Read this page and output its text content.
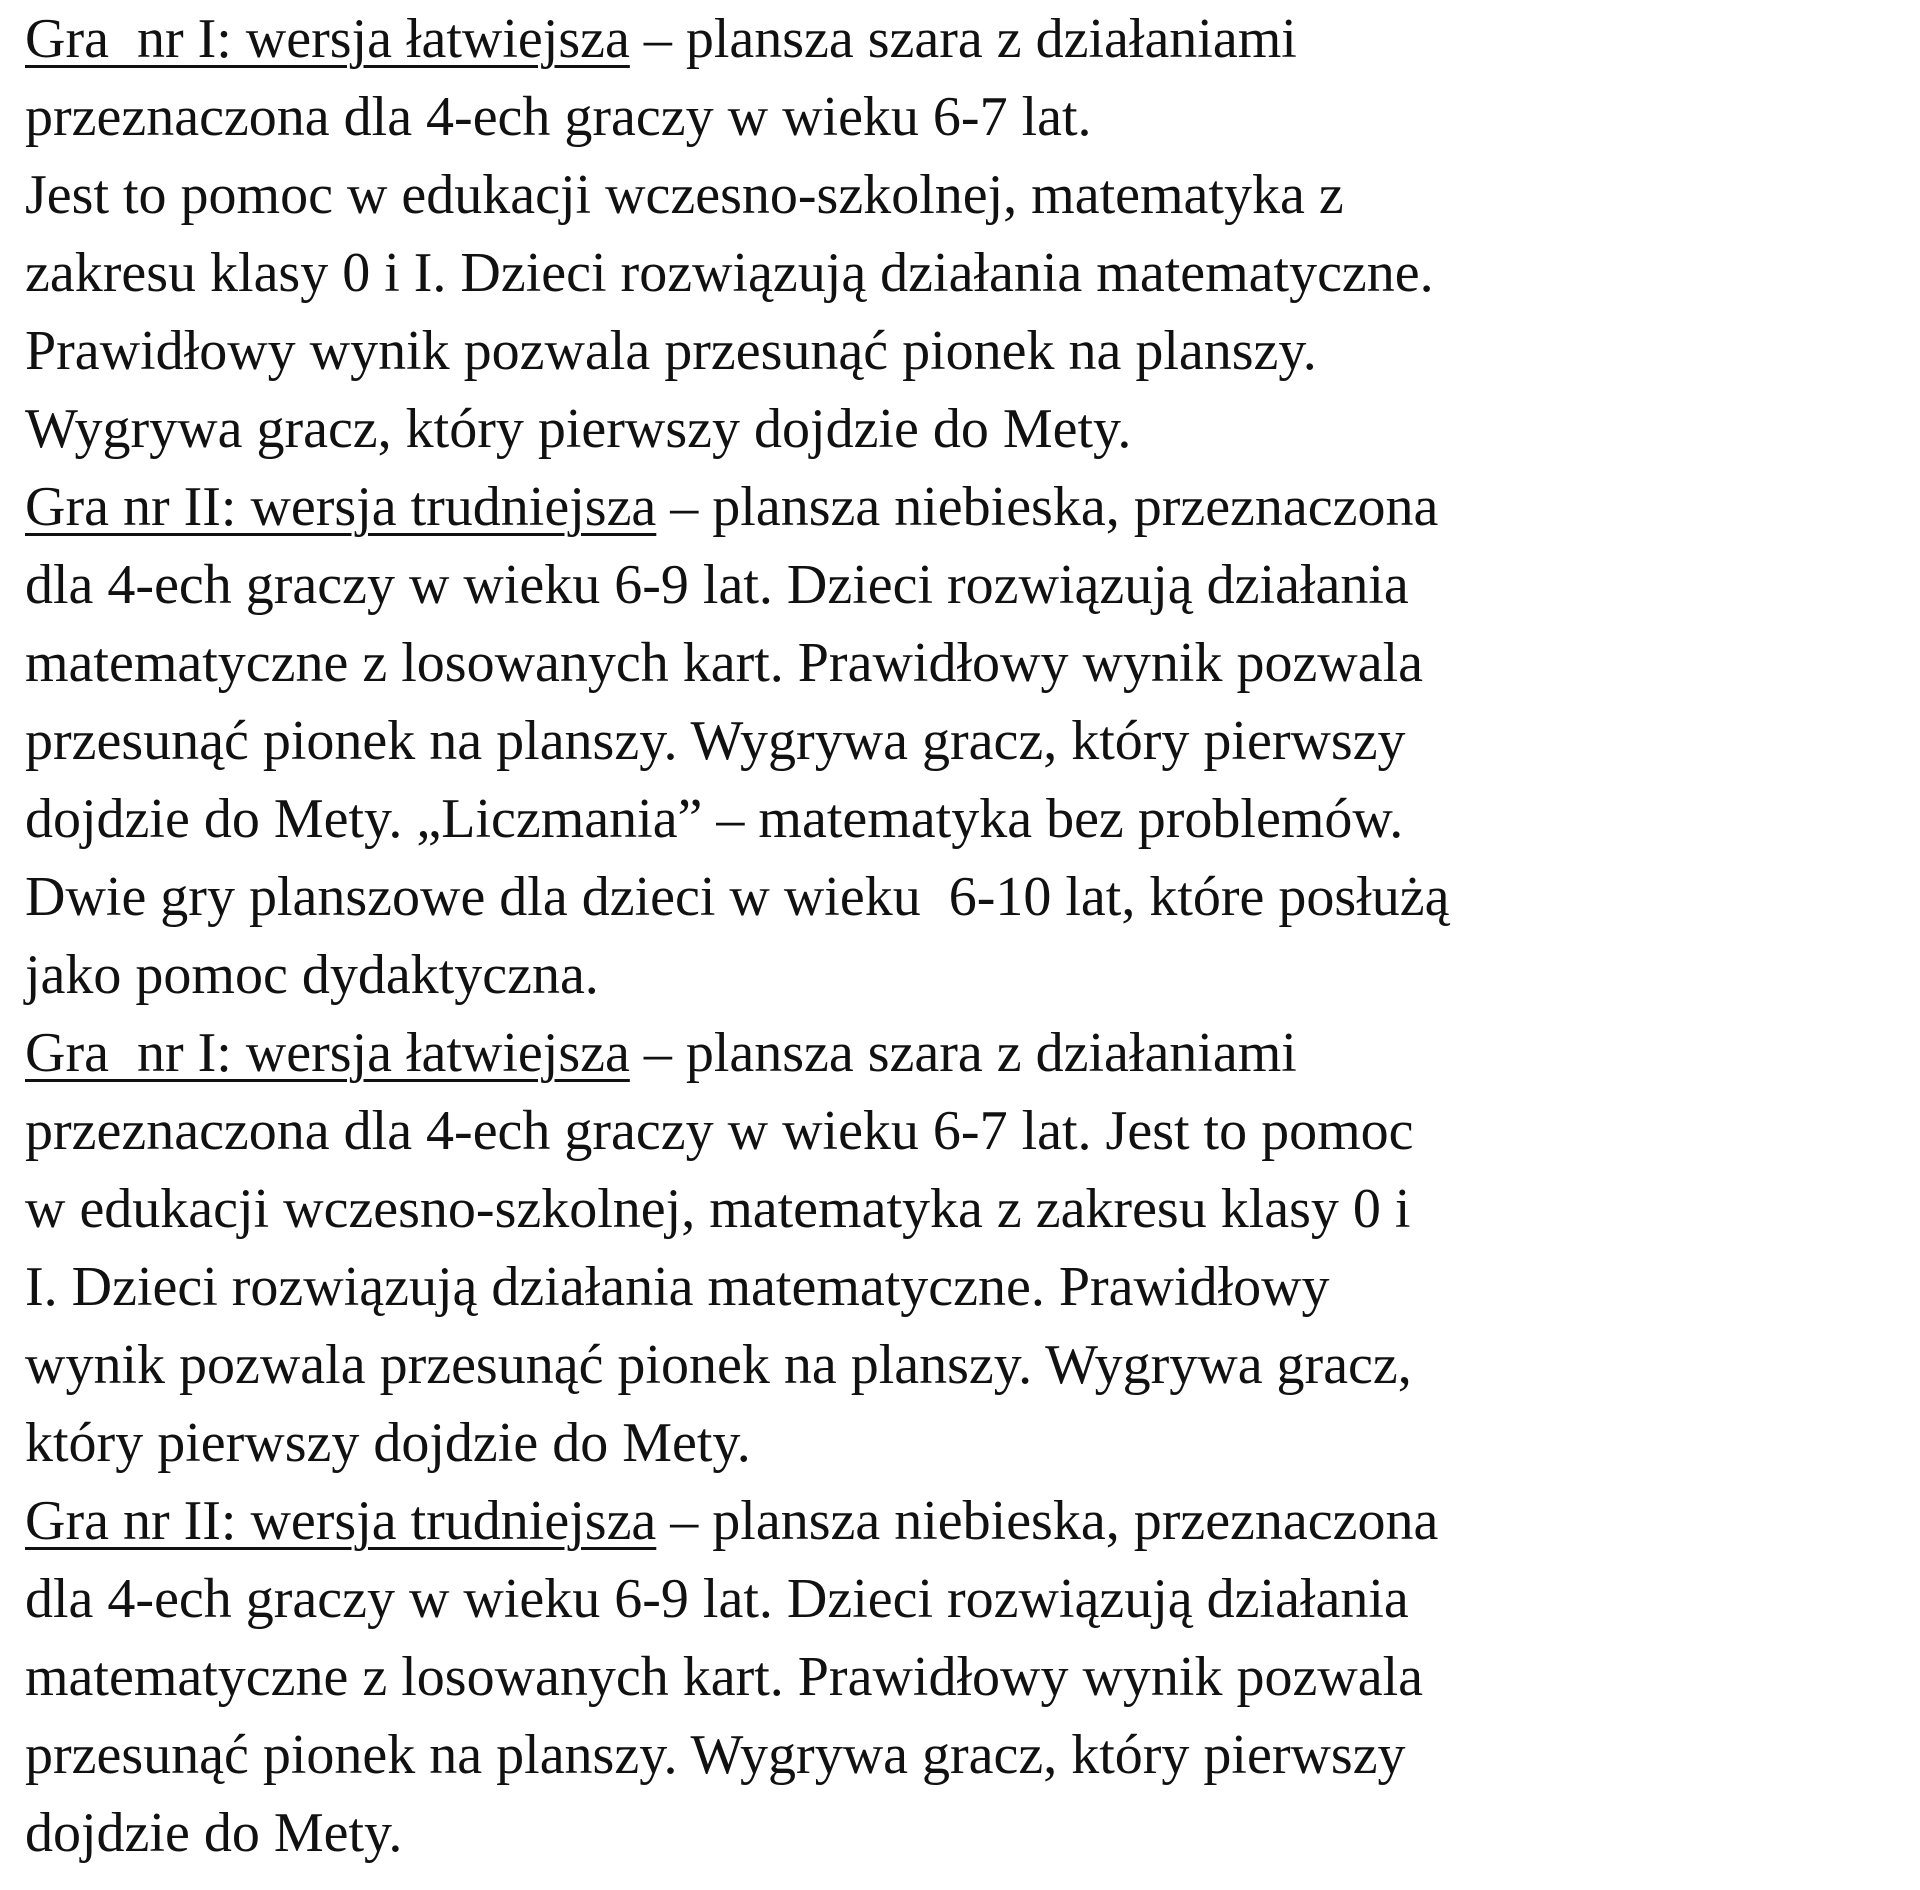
Gra  nr I: wersja łatwiejsza – plansza szara z działaniami
przeznaczona dla 4-ech graczy w wieku 6-7 lat.
Jest to pomoc w edukacji wczesno-szkolnej, matematyka z
zakresu klasy 0 i I. Dzieci rozwiązują działania matematyczne.
Prawidłowy wynik pozwala przesunąć pionek na planszy.
Wygrywa gracz, który pierwszy dojdzie do Mety.
Gra nr II: wersja trudniejsza – plansza niebieska, przeznaczona
dla 4-ech graczy w wieku 6-9 lat. Dzieci rozwiązują działania
matematyczne z losowanych kart. Prawidłowy wynik pozwala
przesunąć pionek na planszy. Wygrywa gracz, który pierwszy
dojdzie do Mety. „Liczmania” – matematyka bez problemów.
Dwie gry planszowe dla dzieci w wieku  6-10 lat, które posłużą
jako pomoc dydaktyczna.
Gra  nr I: wersja łatwiejsza – plansza szara z działaniami
przeznaczona dla 4-ech graczy w wieku 6-7 lat. Jest to pomoc
w edukacji wczesno-szkolnej, matematyka z zakresu klasy 0 i
I. Dzieci rozwiązują działania matematyczne. Prawidłowy
wynik pozwala przesunąć pionek na planszy. Wygrywa gracz,
który pierwszy dojdzie do Mety.
Gra nr II: wersja trudniejsza – plansza niebieska, przeznaczona
dla 4-ech graczy w wieku 6-9 lat. Dzieci rozwiązują działania
matematyczne z losowanych kart. Prawidłowy wynik pozwala
przesunąć pionek na planszy. Wygrywa gracz, który pierwszy
dojdzie do Mety.
